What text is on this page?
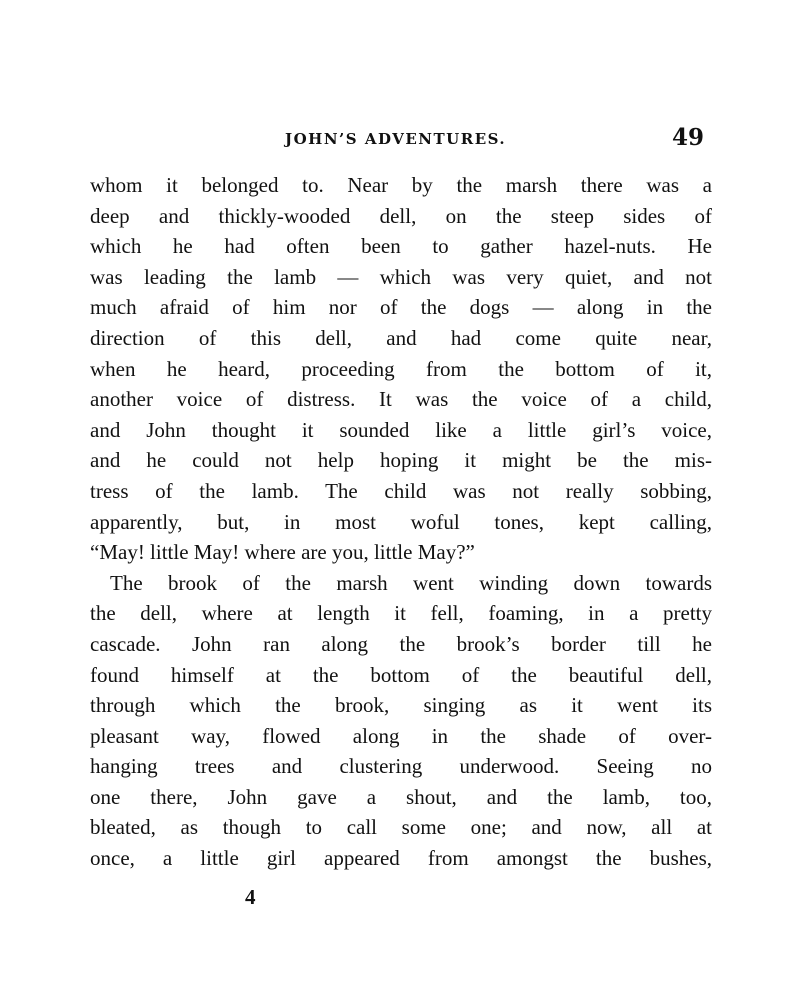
JOHN’S ADVENTURES.	49
whom it belonged to. Near by the marsh there was a
deep and thickly-wooded dell, on the steep sides of
which he had often been to gather hazel-nuts. He
was leading the lamb — which was very quiet, and not
much afraid of him nor of the dogs — along in the
direction of this dell, and had come quite near,
when he heard, proceeding from the bottom of it,
another voice of distress. It was the voice of a child,
and John thought it sounded like a little girl’s voice,
and he could not help hoping it might be the mis-
tress of the lamb. The child was not really sobbing,
apparently, but, in most woful tones, kept calling,
“May! little May! where are you, little May?”
The brook of the marsh went winding down towards
the dell, where at length it fell, foaming, in a pretty
cascade. John ran along the brook’s border till he
found himself at the bottom of the beautiful dell,
through which the brook, singing as it went its
pleasant way, flowed along in the shade of over-
hanging trees and clustering underwood. Seeing no
one there, John gave a shout, and the lamb, too,
bleated, as though to call some one; and now, all at
once, a little girl appeared from amongst the bushes,
4
